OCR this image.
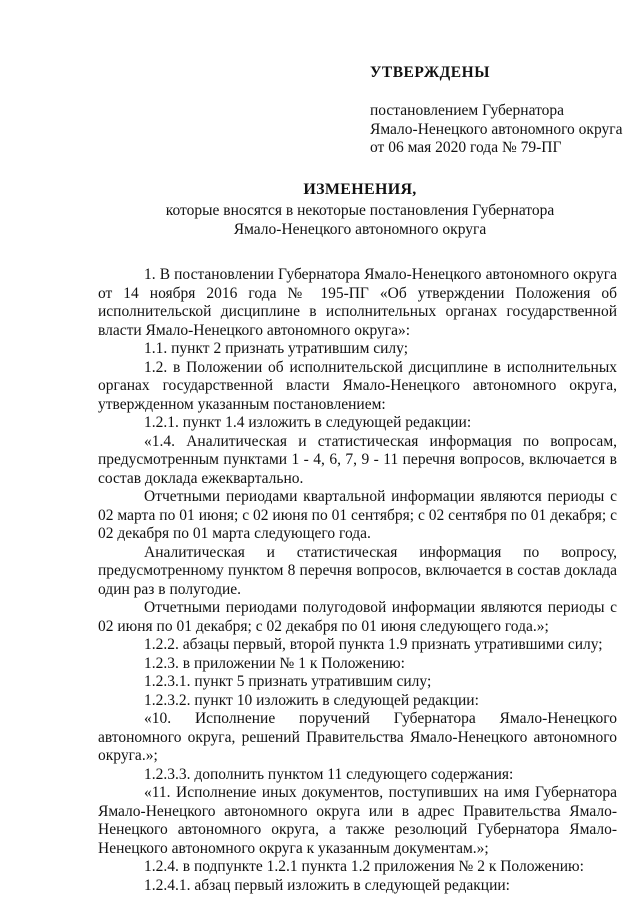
УТВЕРЖДЕНЫ
постановлением Губернатора
Ямало-Ненецкого автономного округа
от 06 мая 2020 года № 79-ПГ
ИЗМЕНЕНИЯ,
которые вносятся в некоторые постановления Губернатора
Ямало-Ненецкого автономного округа

1. В постановлении Губернатора Ямало-Ненецкого автономного округа от 14 ноября 2016 года № 195-ПГ «Об утверждении Положения об исполнительской дисциплине в исполнительных органах государственной власти Ямало-Ненецкого автономного округа»:

1.1. пункт 2 признать утратившим силу;

1.2. в Положении об исполнительской дисциплине в исполнительных органах государственной власти Ямало-Ненецкого автономного округа, утвержденном указанным постановлением:

1.2.1. пункт 1.4 изложить в следующей редакции:

«1.4. Аналитическая и статистическая информация по вопросам, предусмотренным пунктами 1 - 4, 6, 7, 9 - 11 перечня вопросов, включается в состав доклада ежеквартально.

Отчетными периодами квартальной информации являются периоды с 02 марта по 01 июня; с 02 июня по 01 сентября; с 02 сентября по 01 декабря; с 02 декабря по 01 марта следующего года.

Аналитическая и статистическая информация по вопросу, предусмотренному пунктом 8 перечня вопросов, включается в состав доклада один раз в полугодие.

Отчетными периодами полугодовой информации являются периоды с 02 июня по 01 декабря; с 02 декабря по 01 июня следующего года.»;

1.2.2. абзацы первый, второй пункта 1.9 признать утратившими силу;

1.2.3. в приложении № 1 к Положению:

1.2.3.1. пункт 5 признать утратившим силу;

1.2.3.2. пункт 10 изложить в следующей редакции:

«10. Исполнение поручений Губернатора Ямало-Ненецкого автономного округа, решений Правительства Ямало-Ненецкого автономного округа.»;

1.2.3.3. дополнить пунктом 11 следующего содержания:

«11. Исполнение иных документов, поступивших на имя Губернатора Ямало-Ненецкого автономного округа или в адрес Правительства Ямало-Ненецкого автономного округа, а также резолюций Губернатора Ямало-Ненецкого автономного округа к указанным документам.»;

1.2.4. в подпункте 1.2.1 пункта 1.2 приложения № 2 к Положению:

1.2.4.1. абзац первый изложить в следующей редакции:
